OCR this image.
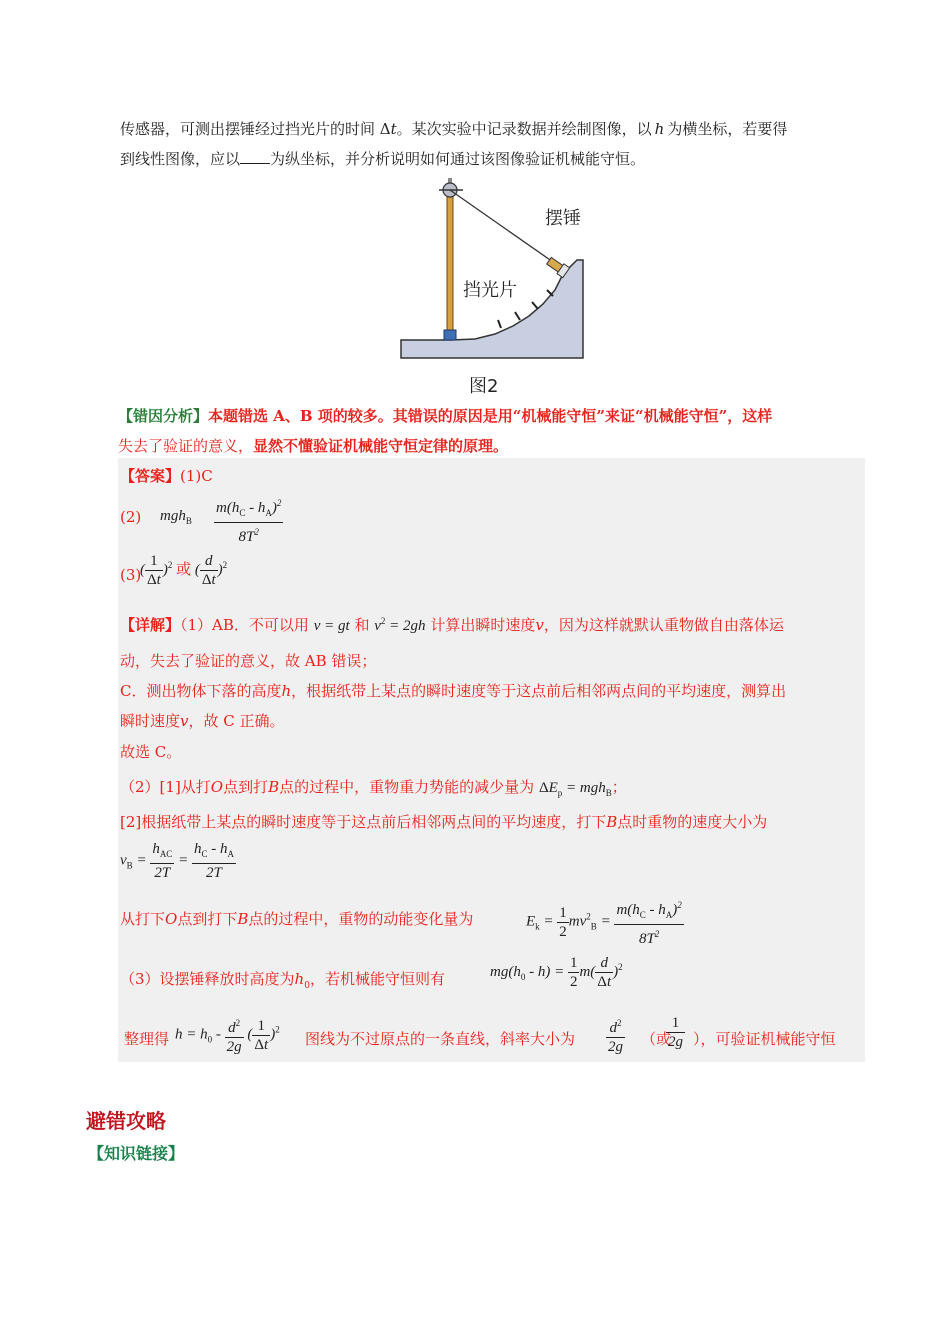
传感器，可测出摆锤经过挡光片的时间 Δt。某次实验中记录数据并绘制图像，以 h 为横坐标，若要得
到线性图像，应以 为纵坐标，并分析说明如何通过该图像验证机械能守恒。
摆锤
挡光片
图2
【错因分析】本题错选 A、B 项的较多。其错误的原因是用“机械能守恒”来证“机械能守恒”，这样
失去了验证的意义，显然不懂验证机械能守恒定律的原理。
【答案】(1)C
(2) $mgh_B \frac{m(h_C - h_A)^2}{8T^2}$
(3)
( $\frac{1}{\Delta t} )^2$ 或 ( $\frac{d}{\Delta t} )^2$
【详解】（1）AB．不可以用 v = gt 和 $v^2 = 2gh$ 计算出瞬时速度v，因为这样就默认重物做自由落体运
动，失去了验证的意义，故 AB 错误；
C．测出物体下落的高度h，根据纸带上某点的瞬时速度等于这点前后相邻两点间的平均速度，测算出
瞬时速度v，故 C 正确。
故选 C。
（2）[1]从打O点到打B点的过程中，重物重力势能的减少量为 $\Delta E_p = mgh_B$；
[2]根据纸带上某点的瞬时速度等于这点前后相邻两点间的平均速度，打下B点时重物的速度大小为
$v_B = \frac{h_{AC}}{2T} = \frac{h_C - h_A}{2T}$
从打下O点到打下B点的过程中，重物的动能变化量为	$E_k = \frac{1}{2} mv^2_B = \frac{m(h_C - h_A)^2}{8T^2}$
（3）设摆锤释放时高度为$h_0$，若机械能守恒则有	$mg(h_0 - h) = \frac{1}{2} m( \frac{d}{\Delta t} )^2$
整理得 $h = h_0 - \frac{d^2}{2g}$ ( $\frac{1}{\Delta t} )^2$
图线为不过原点的一条直线，斜率大小为 $\frac{d^2}{2g}$ （或
$\frac{1}{2g}$ ），可验证机械能守恒
避错攻略
【知识链接】
